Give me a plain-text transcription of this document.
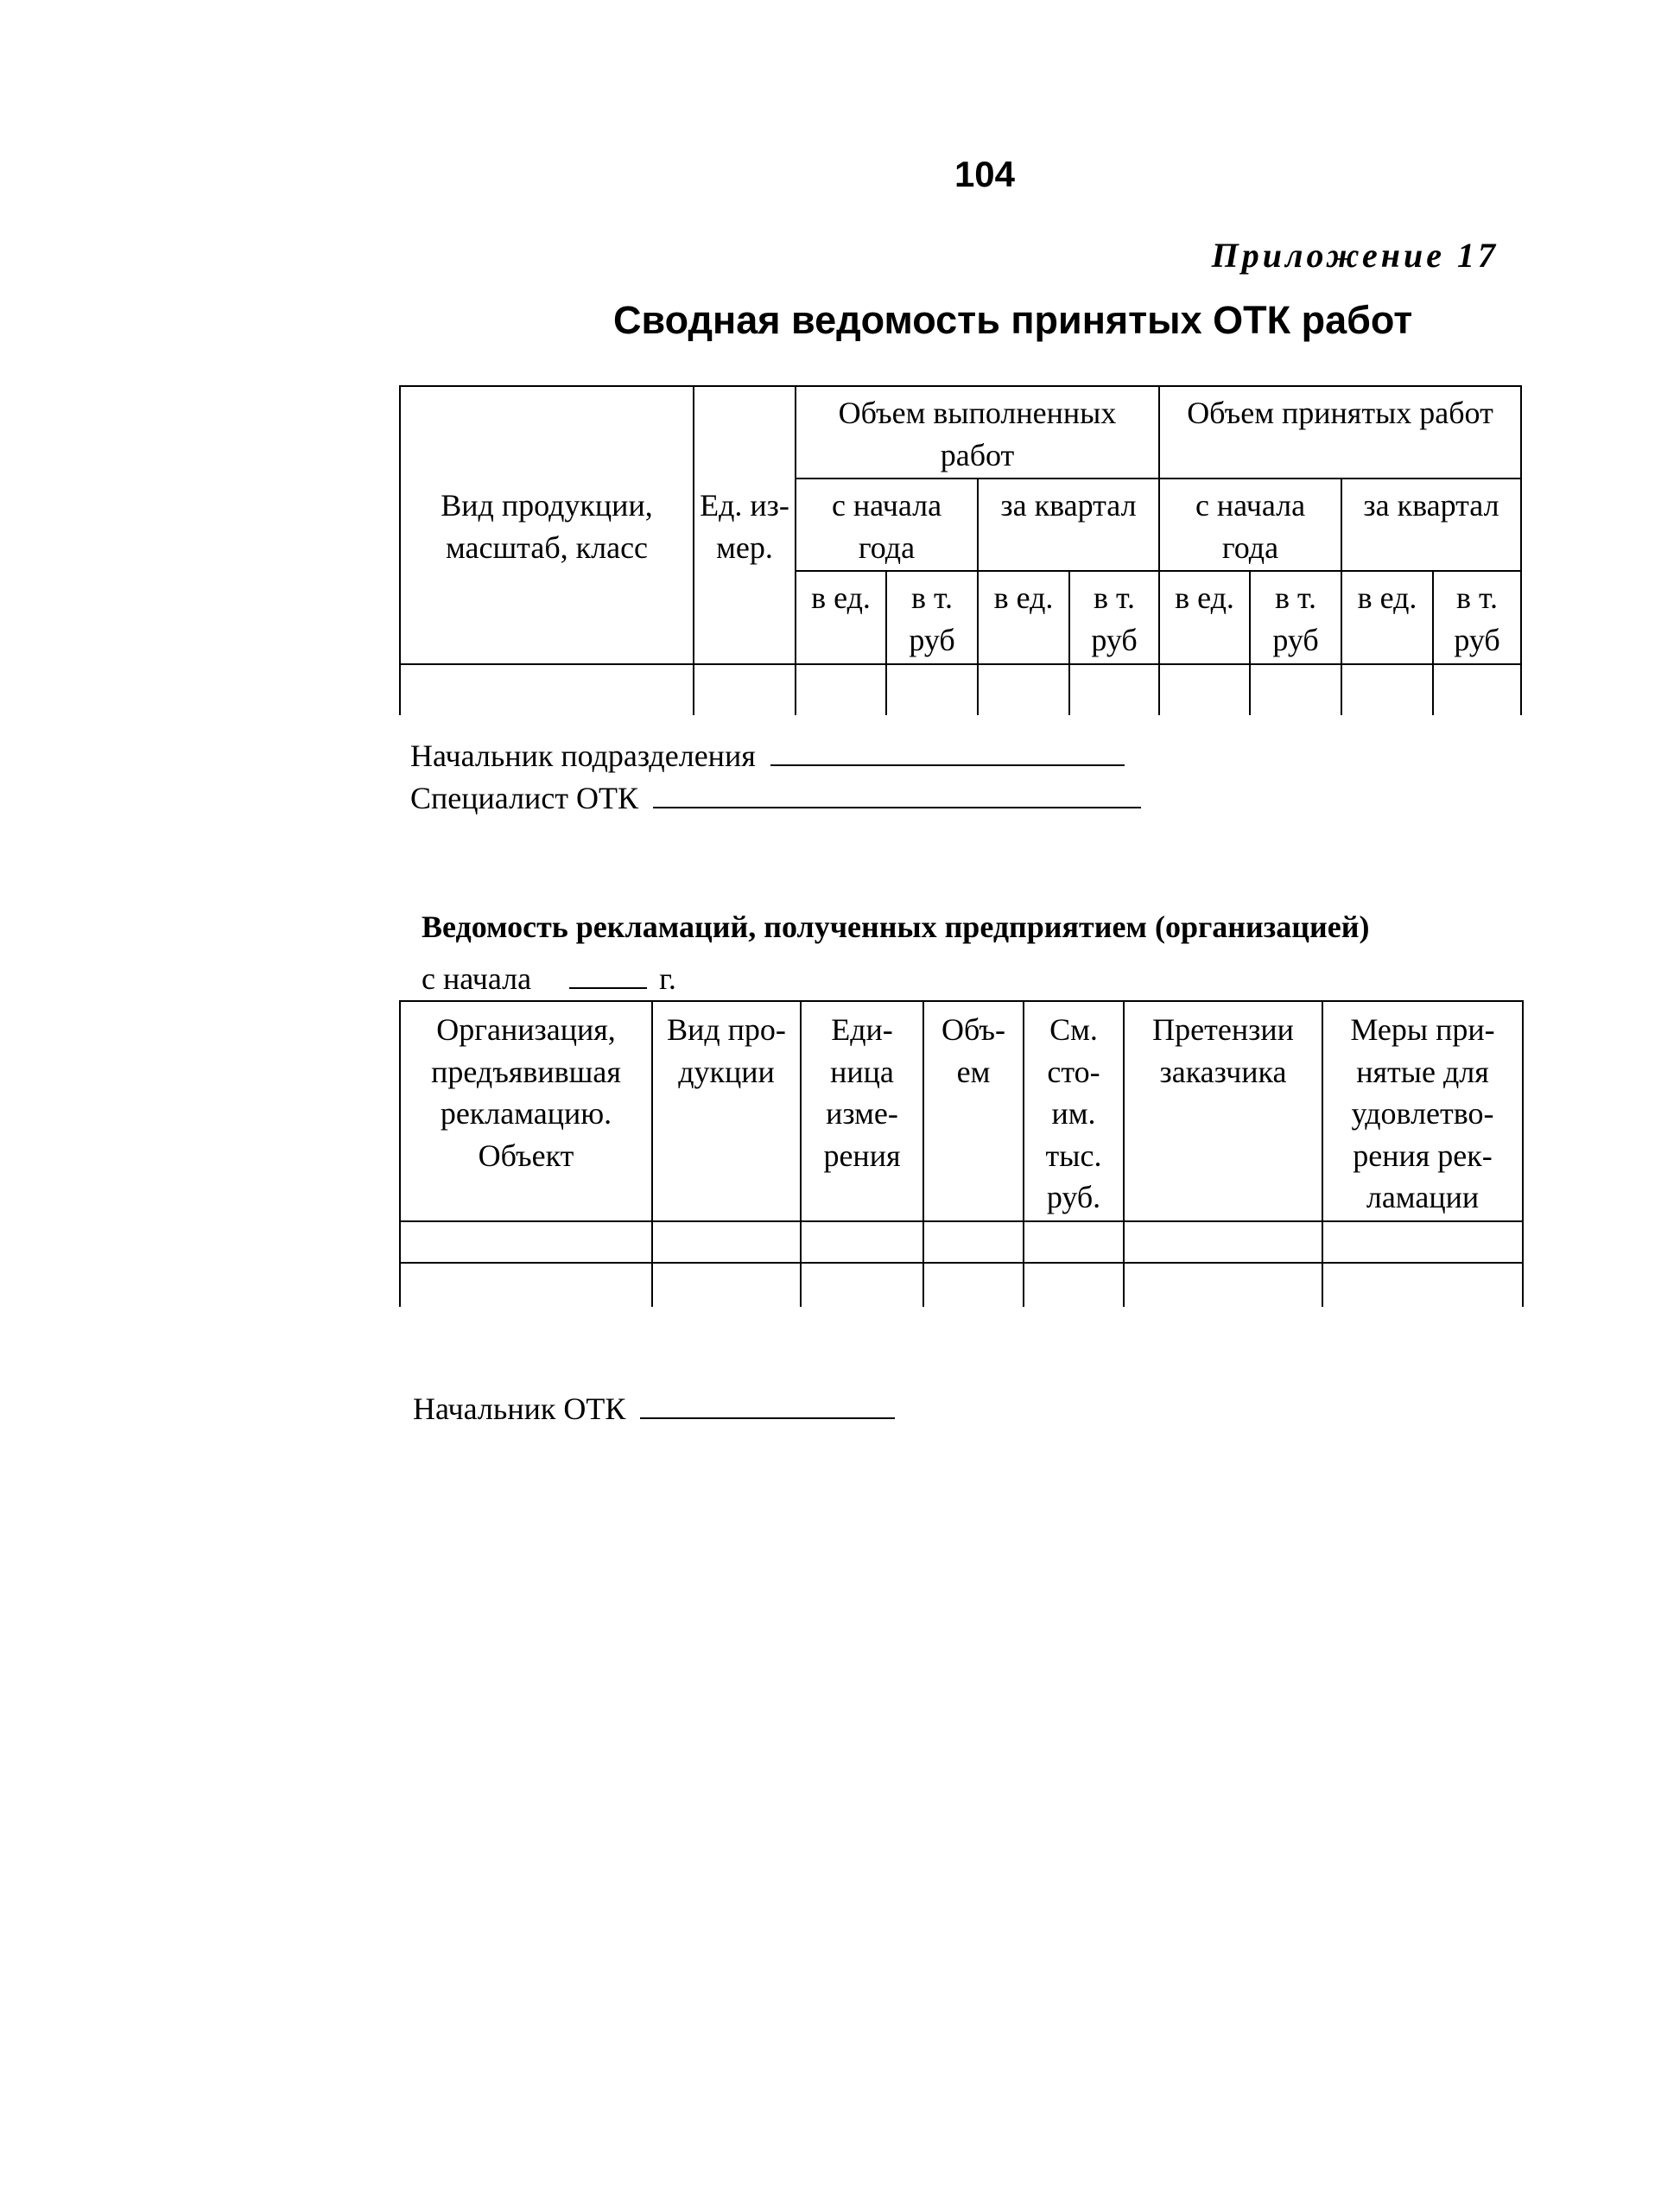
104
Приложение 17
Сводная ведомость принятых ОТК работ
Вид продукции, масштаб, класс	Ед. из-мер.	Объем выполненных работ				Объем принятых работ			
		с начала года		за квартал		с начала года		за квартал	
		в ед.	в т. руб	в ед.	в т. руб	в ед.	в т. руб	в ед.	в т. руб

Начальник подразделения
Специалист ОТК
Ведомость рекламаций, полученных предприятием (организацией)
с начала	г.
Организация, предъявившая рекламацию. Объект	Вид про-дукции	Еди-ница изме-рения	Объ-ем	См. сто-им. тыс. руб.	Претензии заказчика	Меры при-нятые для удовлетво-рения рек-ламации

Начальник ОТК
